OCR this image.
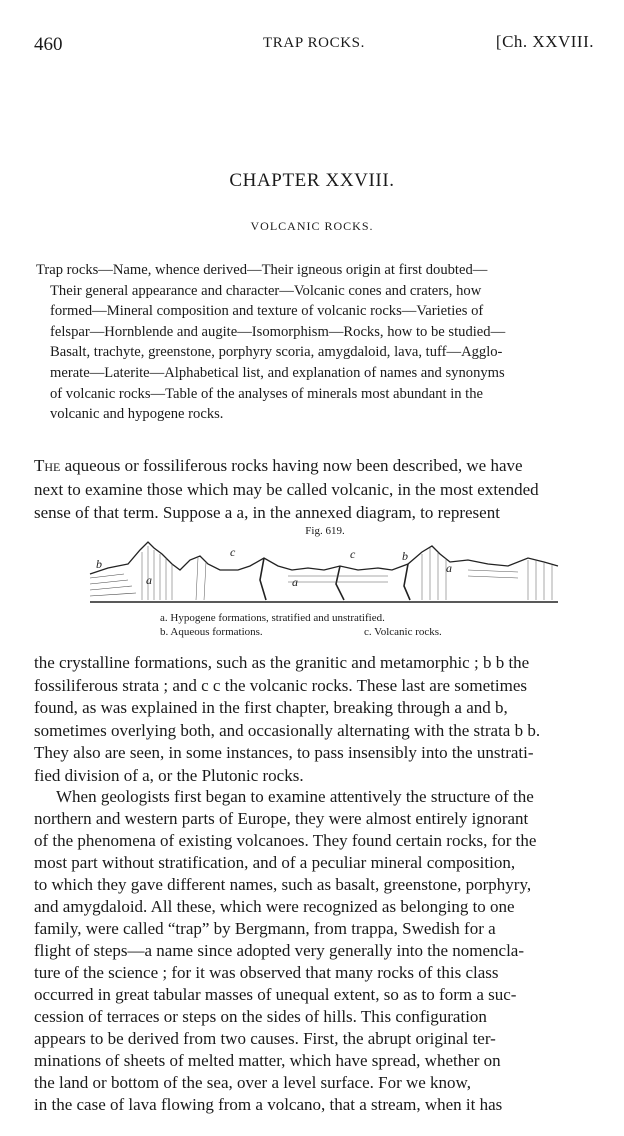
460	TRAP ROCKS.	[Ch. XXVIII.
CHAPTER XXVIII.
VOLCANIC ROCKS.
Trap rocks—Name, whence derived—Their igneous origin at first doubted—
Their general appearance and character—Volcanic cones and craters, how
formed—Mineral composition and texture of volcanic rocks—Varieties of
felspar—Hornblende and augite—Isomorphism—Rocks, how to be studied—
Basalt, trachyte, greenstone, porphyry scoria, amygdaloid, lava, tuff—Agglo-
merate—Laterite—Alphabetical list, and explanation of names and synonyms
of volcanic rocks—Table of the analyses of minerals most abundant in the
volcanic and hypogene rocks.
The aqueous or fossiliferous rocks having now been described, we have
next to examine those which may be called volcanic, in the most extended
sense of that term. Suppose a a, in the annexed diagram, to represent
Fig. 619.
b
a
c
a
c	b
a
a. Hypogene formations, stratified and unstratified.
b. Aqueous formations.	c. Volcanic rocks.
the crystalline formations, such as the granitic and metamorphic ; b b the
fossiliferous strata ; and c c the volcanic rocks. These last are sometimes
found, as was explained in the first chapter, breaking through a and b,
sometimes overlying both, and occasionally alternating with the strata b b.
They also are seen, in some instances, to pass insensibly into the unstrati-
fied division of a, or the Plutonic rocks.
When geologists first began to examine attentively the structure of the
northern and western parts of Europe, they were almost entirely ignorant
of the phenomena of existing volcanoes. They found certain rocks, for the
most part without stratification, and of a peculiar mineral composition,
to which they gave different names, such as basalt, greenstone, porphyry,
and amygdaloid. All these, which were recognized as belonging to one
family, were called “trap” by Bergmann, from trappa, Swedish for a
flight of steps—a name since adopted very generally into the nomencla-
ture of the science ; for it was observed that many rocks of this class
occurred in great tabular masses of unequal extent, so as to form a suc-
cession of terraces or steps on the sides of hills. This configuration
appears to be derived from two causes. First, the abrupt original ter-
minations of sheets of melted matter, which have spread, whether on
the land or bottom of the sea, over a level surface. For we know,
in the case of lava flowing from a volcano, that a stream, when it has
